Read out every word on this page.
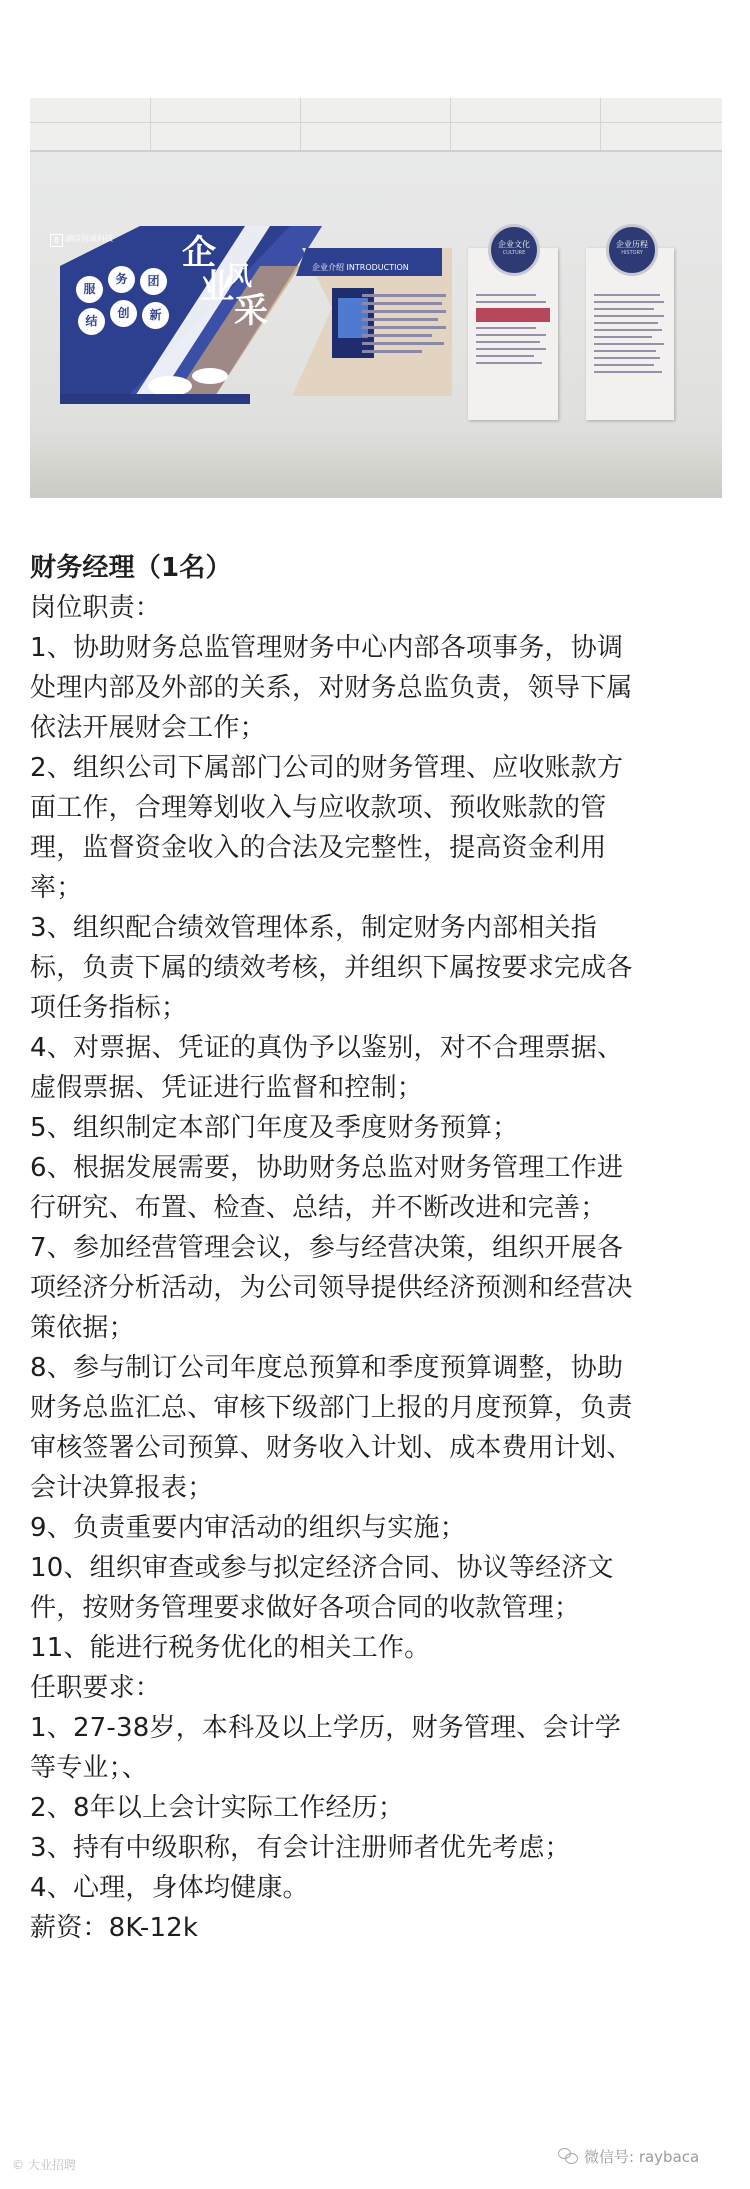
8 湖信创诚科技 企
业
风
采
服
务	团
结
创	新
企业介绍 INTRODUCTION
企业文化
CULTURE
企业历程
HISTORY
财务经理（1名）
岗位职责：
1、协助财务总监管理财务中心内部各项事务，协调
处理内部及外部的关系，对财务总监负责，领导下属
依法开展财会工作；
2、组织公司下属部门公司的财务管理、应收账款方
面工作，合理筹划收入与应收款项、预收账款的管
理，监督资金收入的合法及完整性，提高资金利用
率；
3、组织配合绩效管理体系，制定财务内部相关指
标，负责下属的绩效考核，并组织下属按要求完成各
项任务指标；
4、对票据、凭证的真伪予以鉴别，对不合理票据、
虚假票据、凭证进行监督和控制；
5、组织制定本部门年度及季度财务预算；
6、根据发展需要，协助财务总监对财务管理工作进
行研究、布置、检查、总结，并不断改进和完善；
7、参加经营管理会议，参与经营决策，组织开展各
项经济分析活动，为公司领导提供经济预测和经营决
策依据；
8、参与制订公司年度总预算和季度预算调整，协助
财务总监汇总、审核下级部门上报的月度预算，负责
审核签署公司预算、财务收入计划、成本费用计划、
会计决算报表；
9、负责重要内审活动的组织与实施；
10、组织审查或参与拟定经济合同、协议等经济文
件，按财务管理要求做好各项合同的收款管理；
11、能进行税务优化的相关工作。
任职要求：
1、27-38岁，本科及以上学历，财务管理、会计学
等专业；、
2、8年以上会计实际工作经历；
3、持有中级职称，有会计注册师者优先考虑；
4、心理，身体均健康。
薪资：8K-12k
© 大业招聘	微信号: raybaca
